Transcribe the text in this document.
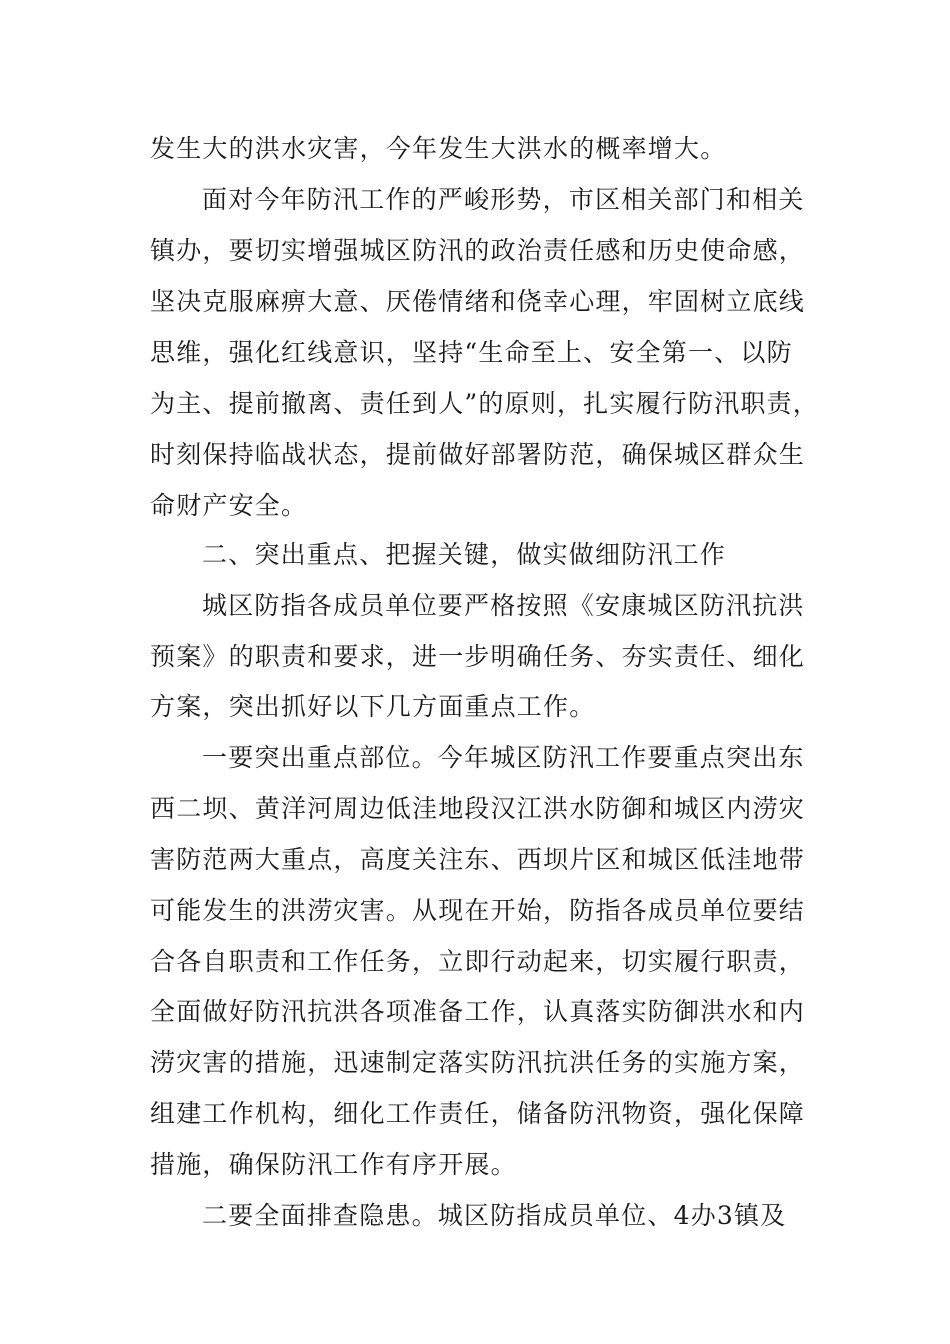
发生大的洪水灾害，今年发生大洪水的概率增大。

面对今年防汛工作的严峻形势，市区相关部门和相关

镇办，要切实增强城区防汛的政治责任感和历史使命感，

坚决克服麻痹大意、厌倦情绪和侥幸心理，牢固树立底线

思维，强化红线意识，坚持“生命至上、安全第一、以防

为主、提前撤离、责任到人”的原则，扎实履行防汛职责，

时刻保持临战状态，提前做好部署防范，确保城区群众生

命财产安全。

二、突出重点、把握关键，做实做细防汛工作

城区防指各成员单位要严格按照《安康城区防汛抗洪

预案》的职责和要求，进一步明确任务、夯实责任、细化

方案，突出抓好以下几方面重点工作。

一要突出重点部位。今年城区防汛工作要重点突出东

西二坝、黄洋河周边低洼地段汉江洪水防御和城区内涝灾

害防范两大重点，高度关注东、西坝片区和城区低洼地带

可能发生的洪涝灾害。从现在开始，防指各成员单位要结

合各自职责和工作任务，立即行动起来，切实履行职责，

全面做好防汛抗洪各项准备工作，认真落实防御洪水和内

涝灾害的措施，迅速制定落实防汛抗洪任务的实施方案，

组建工作机构，细化工作责任，储备防汛物资，强化保障

措施，确保防汛工作有序开展。

二要全面排查隐患。城区防指成员单位、4办3镇及
